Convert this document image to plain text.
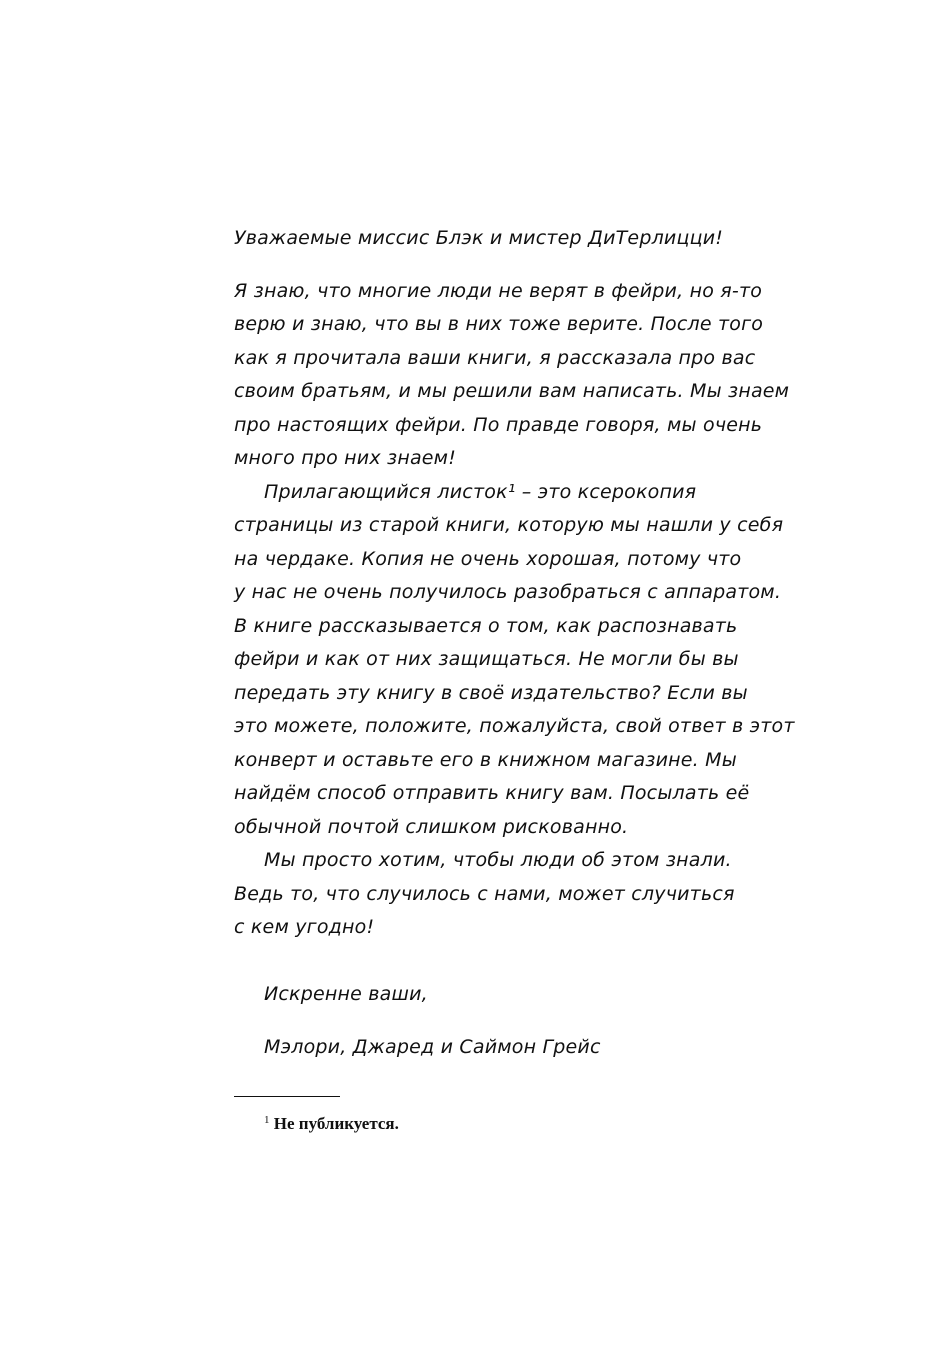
Уважаемые миссис Блэк и мистер ДиТерлицци!

Я знаю, что многие люди не верят в фейри, но я-то
верю и знаю, что вы в них тоже верите. После того
как я прочитала ваши книги, я рассказала про вас
своим братьям, и мы решили вам написать. Мы знаем
про настоящих фейри. По правде говоря, мы очень
много про них знаем!

Прилагающийся листок¹ – это ксерокопия
страницы из старой книги, которую мы нашли у себя
на чердаке. Копия не очень хорошая, потому что
у нас не очень получилось разобраться с аппаратом.
В книге рассказывается о том, как распознавать
фейри и как от них защищаться. Не могли бы вы
передать эту книгу в своё издательство? Если вы
это можете, положите, пожалуйста, свой ответ в этот
конверт и оставьте его в книжном магазине. Мы
найдём способ отправить книгу вам. Посылать её
обычной почтой слишком рискованно.

Мы просто хотим, чтобы люди об этом знали.
Ведь то, что случилось с нами, может случиться
с кем угодно!

Искренне ваши,

Мэлори, Джаред и Саймон Грейс

$^1$ Не публикуется.
